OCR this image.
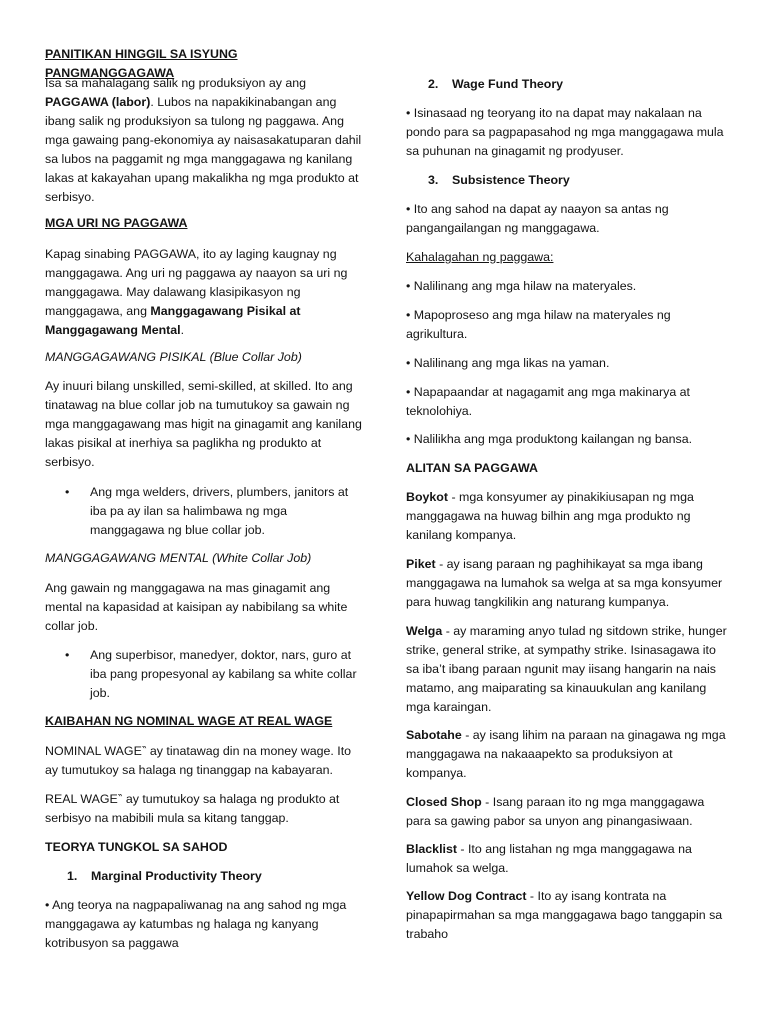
PANITIKAN HINGGIL SA ISYUNG PANGMANGGAGAWA

Isa sa mahalagang salik ng produksiyon ay ang PAGGAWA (labor). Lubos na napakikinabangan ang ibang salik ng produksiyon sa tulong ng paggawa. Ang mga gawaing pang-ekonomiya ay naisasakatuparan dahil sa lubos na paggamit ng mga manggagawa ng kanilang lakas at kakayahan upang makalikha ng mga produkto at serbisyo.

MGA URI NG PAGGAWA

Kapag sinabing PAGGAWA, ito ay laging kaugnay ng manggagawa. Ang uri ng paggawa ay naayon sa uri ng manggagawa. May dalawang klasipikasyon ng manggagawa, ang Manggagawang Pisikal at Manggagawang Mental.

MANGGAGAWANG PISIKAL (Blue Collar Job)

Ay inuuri bilang unskilled, semi-skilled, at skilled. Ito ang tinatawag na blue collar job na tumutukoy sa gawain ng mga manggagawang mas higit na ginagamit ang kanilang lakas pisikal at inerhiya sa paglikha ng produkto at serbisyo.

• Ang mga welders, drivers, plumbers, janitors at iba pa ay ilan sa halimbawa ng mga manggagawa ng blue collar job.

MANGGAGAWANG MENTAL (White Collar Job)

Ang gawain ng manggagawa na mas ginagamit ang mental na kapasidad at kaisipan ay nabibilang sa white collar job.

• Ang superbisor, manedyer, doktor, nars, guro at iba pang propesyonal ay kabilang sa white collar job.

KAIBAHAN NG NOMINAL WAGE AT REAL WAGE

NOMINAL WAGE‶ ay tinatawag din na money wage. Ito ay tumutukoy sa halaga ng tinanggap na kabayaran.

REAL WAGE‶ ay tumutukoy sa halaga ng produkto at serbisyo na mabibili mula sa kitang tanggap.

TEORYA TUNGKOL SA SAHOD

1. Marginal Productivity Theory

• Ang teorya na nagpapaliwanag na ang sahod ng mga manggagawa ay katumbas ng halaga ng kanyang kotribusyon sa paggawa

2. Wage Fund Theory

• Isinasaad ng teoryang ito na dapat may nakalaan na pondo para sa pagpapasahod ng mga manggagawa mula sa puhunan na ginagamit ng prodyuser.

3. Subsistence Theory

• Ito ang sahod na dapat ay naayon sa antas ng pangangailangan ng manggagawa.

Kahalagahan ng paggawa:

• Nalilinang ang mga hilaw na materyales.

• Mapoproseso ang mga hilaw na materyales ng agrikultura.

• Nalilinang ang mga likas na yaman.

• Napapaandar at nagagamit ang mga makinarya at teknolohiya.

• Nalilikha ang mga produktong kailangan ng bansa.

ALITAN SA PAGGAWA

Boykot - mga konsyumer ay pinakikiusapan ng mga manggagawa na huwag bilhin ang mga produkto ng kanilang kompanya.

Piket - ay isang paraan ng paghihikayat sa mga ibang manggagawa na lumahok sa welga at sa mga konsyumer para huwag tangkilikin ang naturang kumpanya.

Welga - ay maraming anyo tulad ng sitdown strike, hunger strike, general strike, at sympathy strike. Isinasagawa ito sa iba’t ibang paraan ngunit may iisang hangarin na nais matamo, ang maiparating sa kinauukulan ang kanilang mga karaingan.

Sabotahe - ay isang lihim na paraan na ginagawa ng mga manggagawa na nakaaapekto sa produksiyon at kompanya.

Closed Shop - Isang paraan ito ng mga manggagawa para sa gawing pabor sa unyon ang pinangasiwaan.

Blacklist - Ito ang listahan ng mga manggagawa na lumahok sa welga.

Yellow Dog Contract - Ito ay isang kontrata na pinapapirmahan sa mga manggagawa bago tanggapin sa trabaho
